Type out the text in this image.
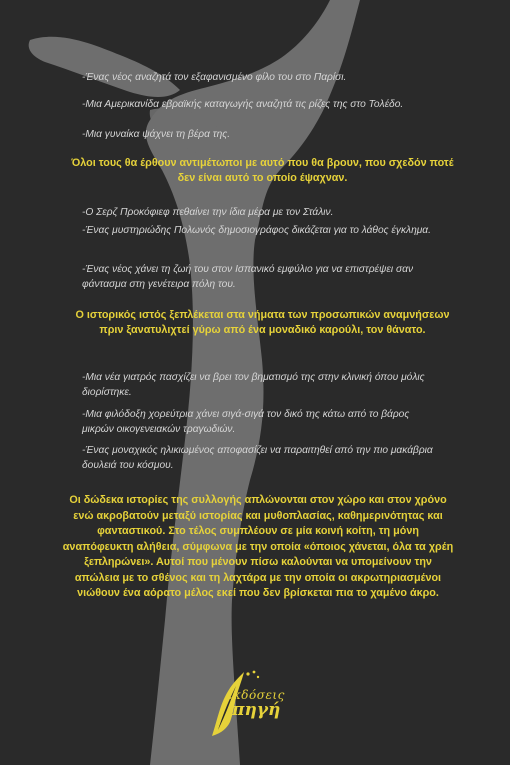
-Ένας νέος αναζητά τον εξαφανισμένο φίλο του στο Παρίσι.
-Μια Αμερικανίδα εβραϊκής καταγωγής αναζητά τις ρίζες της στο Τολέδο.
-Μια γυναίκα ψάχνει τη βέρα της.
Όλοι τους θα έρθουν αντιμέτωποι με αυτό που θα βρουν, που σχεδόν ποτέ δεν είναι αυτό το οποίο έψαχναν.
-Ο Σερζ Προκόφιεφ πεθαίνει την ίδια μέρα με τον Στάλιν.
-Ένας μυστηριώδης Πολωνός δημοσιογράφος δικάζεται για το λάθος έγκλημα.
-Ένας νέος χάνει τη ζωή του στον Ισπανικό εμφύλιο για να επιστρέψει σαν φάντασμα στη γενέτειρα πόλη του.
Ο ιστορικός ιστός ξεπλέκεται στα νήματα των προσωπικών αναμνήσεων πριν ξανατυλιχτεί γύρω από ένα μοναδικό καρούλι, τον θάνατο.
-Μια νέα γιατρός πασχίζει να βρει τον βηματισμό της στην κλινική όπου μόλις διορίστηκε.
-Μια φιλόδοξη χορεύτρια χάνει σιγά-σιγά τον δικό της κάτω από το βάρος μικρών οικογενειακών τραγωδιών.
-Ένας μοναχικός ηλικιωμένος αποφασίζει να παραιτηθεί από την πιο μακάβρια δουλειά του κόσμου.
Οι δώδεκα ιστορίες της συλλογής απλώνονται στον χώρο και στον χρόνο ενώ ακροβατούν μεταξύ ιστορίας και μυθοπλασίας, καθημερινότητας και φανταστικού. Στο τέλος συμπλέουν σε μία κοινή κοίτη, τη μόνη αναπόφευκτη αλήθεια, σύμφωνα με την οποία «όποιος χάνεται, όλα τα χρέη ξεπληρώνει». Αυτοί που μένουν πίσω καλούνται να υπομείνουν την απώλεια με το σθένος και τη λαχτάρα με την οποία οι ακρωτηριασμένοι νιώθουν ένα αόρατο μέλος εκεί που δεν βρίσκεται πια το χαμένο άκρο.
εκδόσεις
πηγή
